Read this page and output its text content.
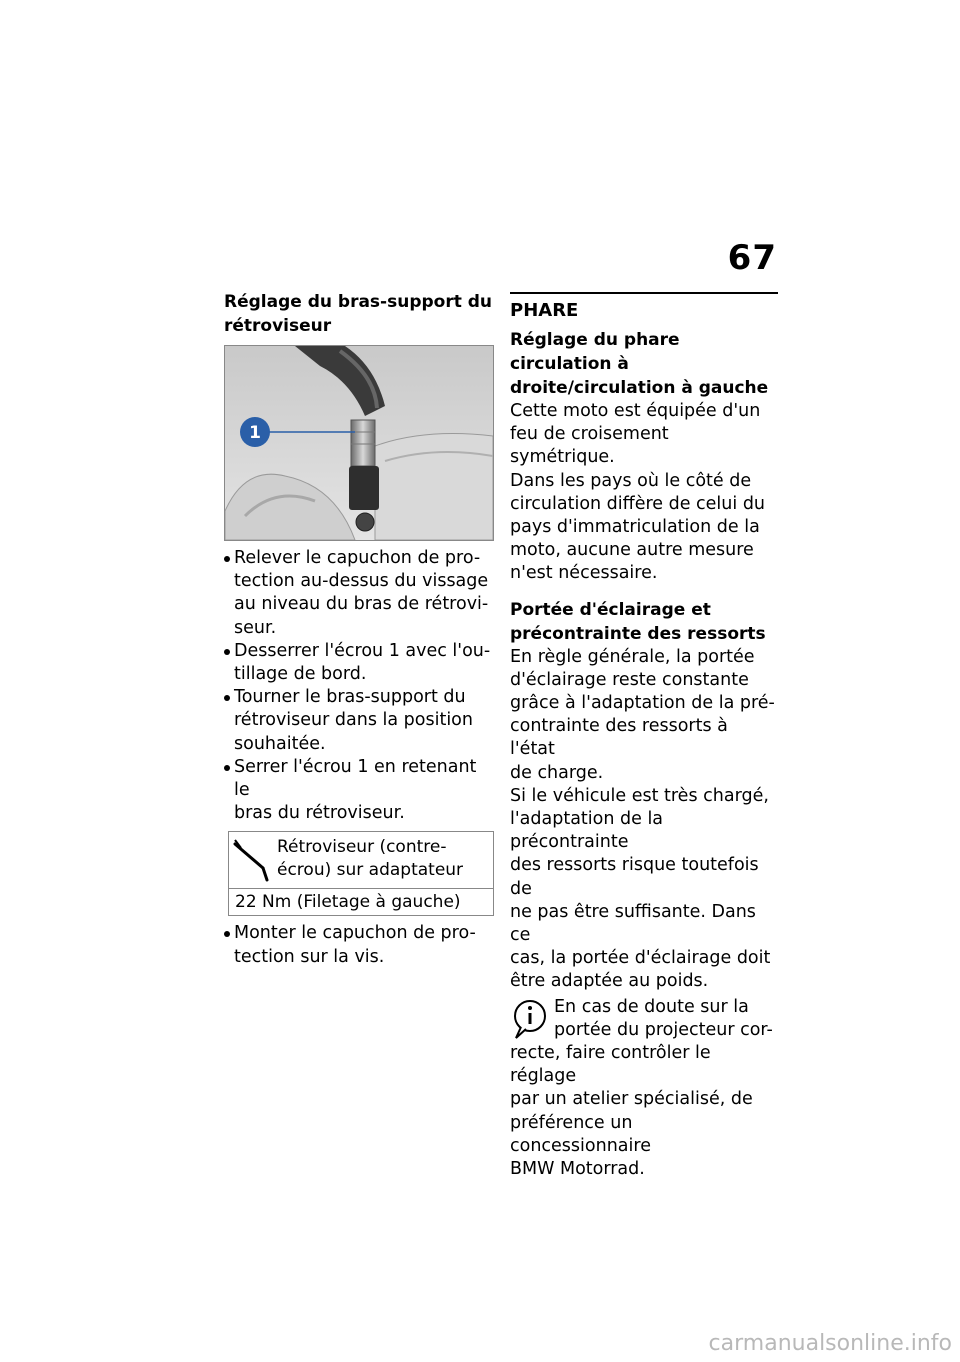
67
Réglage du bras-support du rétroviseur
1
Relever le capuchon de pro-
tection au-dessus du vissage
au niveau du bras de rétrovi-
seur.
Desserrer l'écrou 1 avec l'ou-
tillage de bord.
Tourner le bras-support du
rétroviseur dans la position
souhaitée.
Serrer l'écrou 1 en retenant le
bras du rétroviseur.
Rétroviseur (contre-
écrou) sur adaptateur
22 Nm (Filetage à gauche)
Monter le capuchon de pro-
tection sur la vis.
PHARE
Réglage du phare circulation à droite/circulation à gauche

Cette moto est équipée d'un
feu de croisement symétrique.
Dans les pays où le côté de
circulation diffère de celui du
pays d'immatriculation de la
moto, aucune autre mesure
n'est nécessaire.

Portée d'éclairage et précontrainte des ressorts

En règle générale, la portée
d'éclairage reste constante
grâce à l'adaptation de la pré-
contrainte des ressorts à l'état
de charge.
Si le véhicule est très chargé,
l'adaptation de la précontrainte
des ressorts risque toutefois de
ne pas être suffisante. Dans ce
cas, la portée d'éclairage doit
être adaptée au poids.

En cas de doute sur la
portée du projecteur cor-

recte, faire contrôler le réglage
par un atelier spécialisé, de
préférence un concessionnaire
BMW Motorrad.

carmanualsonline.info
